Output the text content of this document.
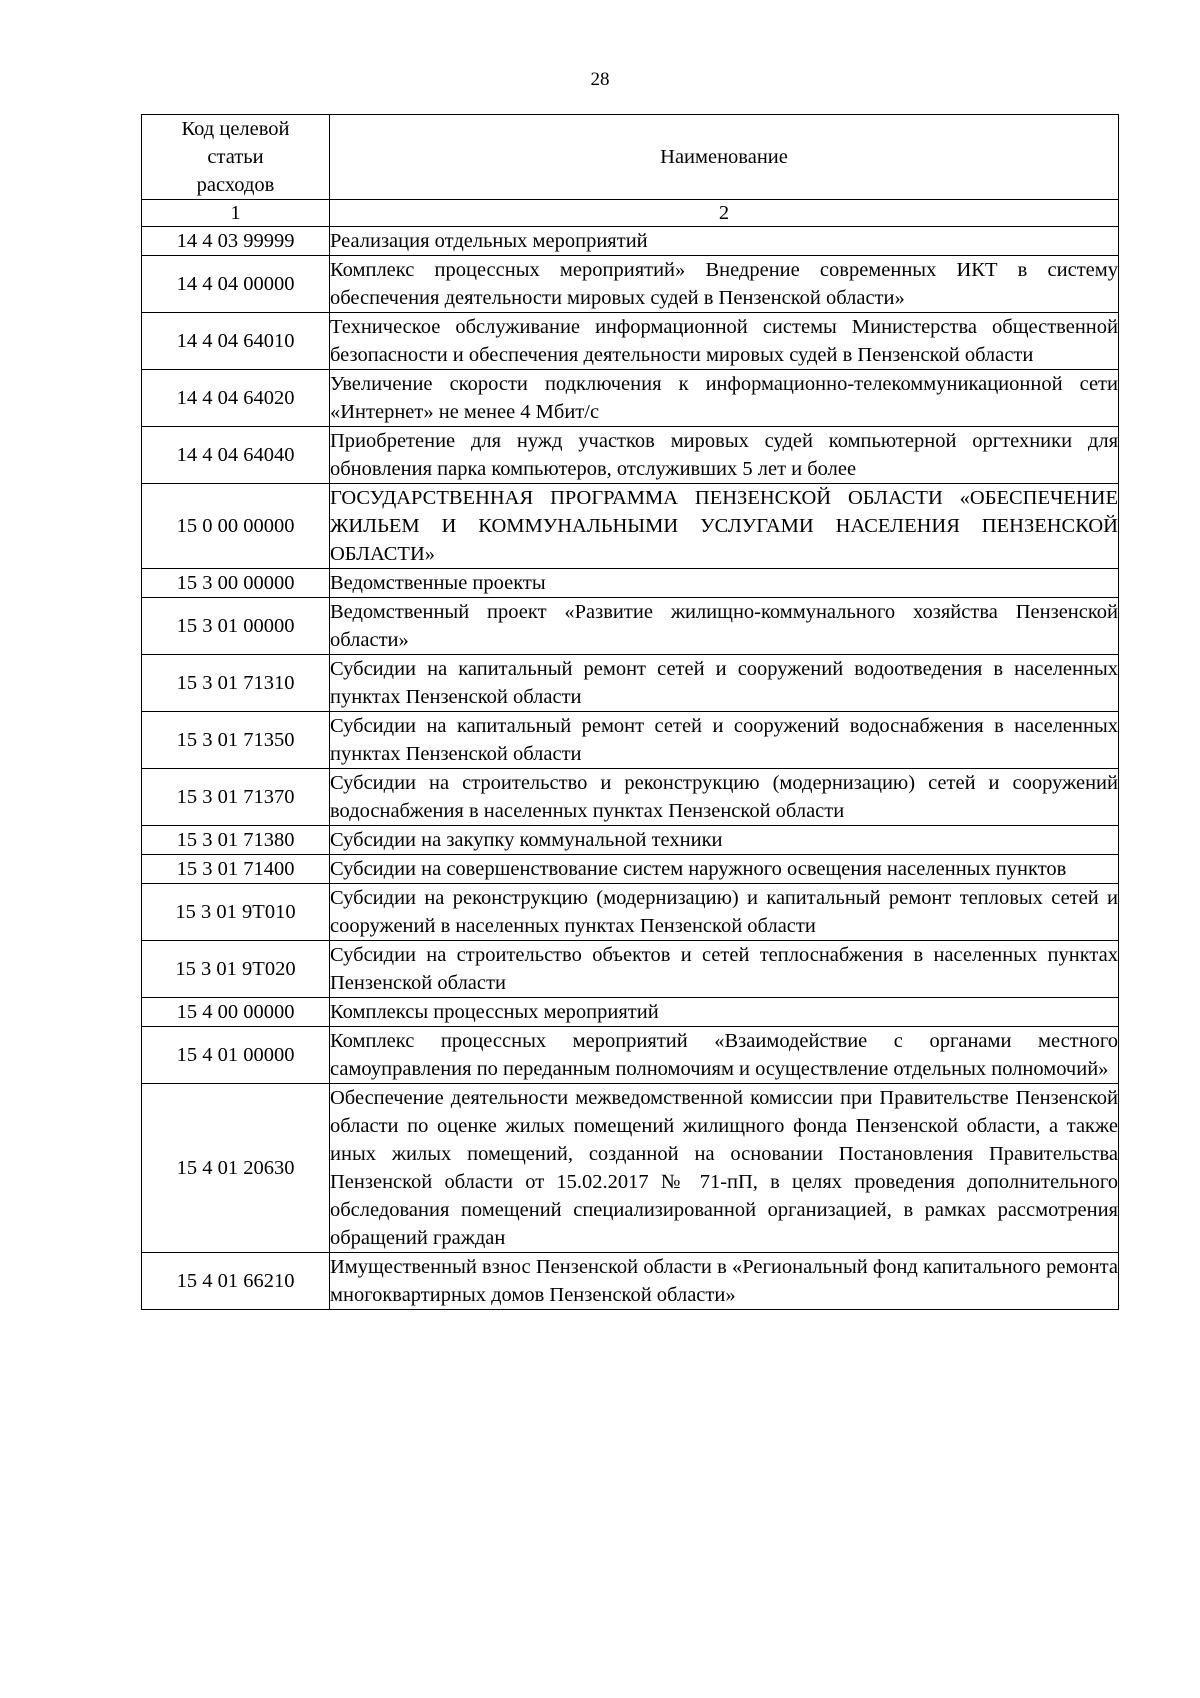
28
Код целевой
статьи
расходов	Наименование
1	2
14 4 03 99999	Реализация отдельных мероприятий
14 4 04 00000	Комплекс процессных мероприятий» Внедрение современных ИКТ в систему обеспечения деятельности мировых судей в Пензенской области»
14 4 04 64010	Техническое обслуживание информационной системы Министерства общественной безопасности и обеспечения деятельности мировых судей в Пензенской области
14 4 04 64020	Увеличение скорости подключения к информационно-телекоммуникационной сети «Интернет» не менее 4 Мбит/с
14 4 04 64040	Приобретение для нужд участков мировых судей компьютерной оргтехники для обновления парка компьютеров, отслуживших 5 лет и более
15 0 00 00000	ГОСУДАРСТВЕННАЯ ПРОГРАММА ПЕНЗЕНСКОЙ ОБЛАСТИ «ОБЕСПЕЧЕНИЕ ЖИЛЬЕМ И КОММУНАЛЬНЫМИ УСЛУГАМИ НАСЕЛЕНИЯ ПЕНЗЕНСКОЙ ОБЛАСТИ»
15 3 00 00000	Ведомственные проекты
15 3 01 00000	Ведомственный проект «Развитие жилищно-коммунального хозяйства Пензенской области»
15 3 01 71310	Субсидии на капитальный ремонт сетей и сооружений водоотведения в населенных пунктах Пензенской области
15 3 01 71350	Субсидии на капитальный ремонт сетей и сооружений водоснабжения в населенных пунктах Пензенской области
15 3 01 71370	Субсидии на строительство и реконструкцию (модернизацию) сетей и сооружений водоснабжения в населенных пунктах Пензенской области
15 3 01 71380	Субсидии на закупку коммунальной техники
15 3 01 71400	Субсидии на совершенствование систем наружного освещения населенных пунктов
15 3 01 9Т010	Субсидии на реконструкцию (модернизацию) и капитальный ремонт тепловых сетей и сооружений в населенных пунктах Пензенской области
15 3 01 9Т020	Субсидии на строительство объектов и сетей теплоснабжения в населенных пунктах Пензенской области
15 4 00 00000	Комплексы процессных мероприятий
15 4 01 00000	Комплекс процессных мероприятий «Взаимодействие с органами местного самоуправления по переданным полномочиям и осуществление отдельных полномочий»
15 4 01 20630	Обеспечение деятельности межведомственной комиссии при Правительстве Пензенской области по оценке жилых помещений жилищного фонда Пензенской области, а также иных жилых помещений, созданной на основании Постановления Правительства Пензенской области от 15.02.2017 № 71-пП, в целях проведения дополнительного обследования помещений специализированной организацией, в рамках рассмотрения обращений граждан
15 4 01 66210	Имущественный взнос Пензенской области в «Региональный фонд капитального ремонта многоквартирных домов Пензенской области»
